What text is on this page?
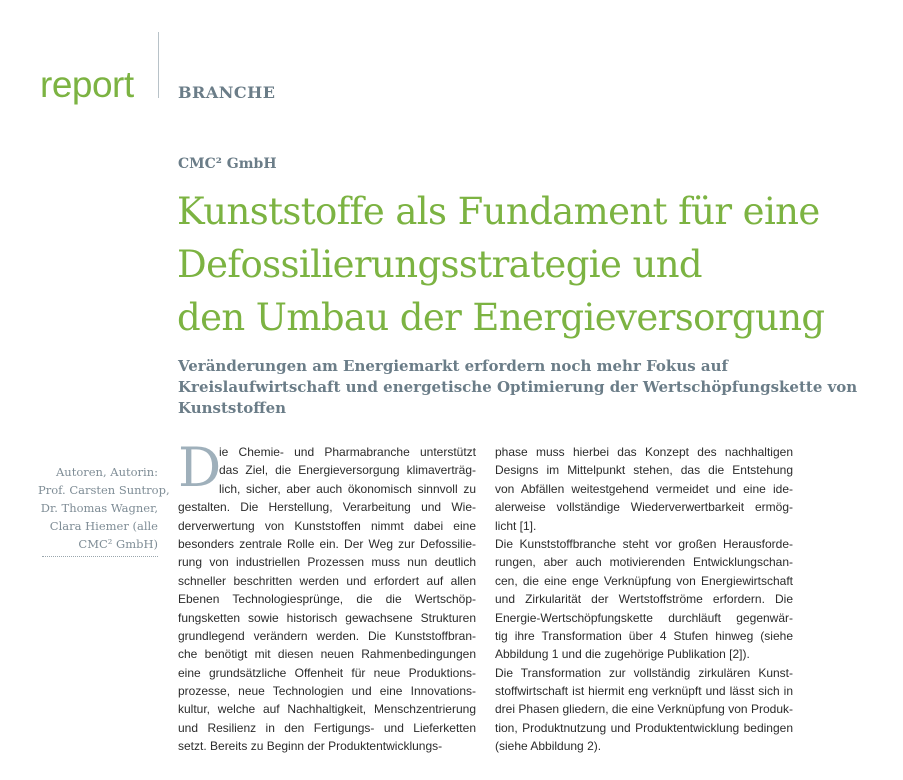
report	BRANCHE
CMC² GmbH
Kunststoffe als Fundament für eine
Defossilierungsstrategie und
den Umbau der Energieversorgung
Veränderungen am Energiemarkt erfordern noch mehr Fokus auf
Kreislaufwirtschaft und energetische Optimierung der Wertschöpfungskette von
Kunststoffen
Autoren, Autorin:
Prof. Carsten Suntrop,
Dr. Thomas Wagner,
Clara Hiemer (alle
CMC² GmbH)
D
ie Chemie- und Pharmabranche unterstützt
das Ziel, die Energieversorgung klimaverträg-
lich, sicher, aber auch ökonomisch sinnvoll zu
gestalten. Die Herstellung, Verarbeitung und Wie-
derverwertung von Kunststoffen nimmt dabei eine
besonders zentrale Rolle ein. Der Weg zur Defossilie-
rung von industriellen Prozessen muss nun deutlich
schneller beschritten werden und erfordert auf allen
Ebenen Technologiesprünge, die die Wertschöp-
fungsketten sowie historisch gewachsene Strukturen
grundlegend verändern werden. Die Kunststoffbran-
che benötigt mit diesen neuen Rahmenbedingungen
eine grundsätzliche Offenheit für neue Produktions-
prozesse, neue Technologien und eine Innovations-
kultur, welche auf Nachhaltigkeit, Menschzentrierung
und Resilienz in den Fertigungs- und Lieferketten
setzt. Bereits zu Beginn der Produktentwicklungs-
phase muss hierbei das Konzept des nachhaltigen
Designs im Mittelpunkt stehen, das die Entstehung
von Abfällen weitestgehend vermeidet und eine ide-
alerweise vollständige Wiederverwertbarkeit ermög-
licht [1].
Die Kunststoffbranche steht vor großen Herausforde-
rungen, aber auch motivierenden Entwicklungschan-
cen, die eine enge Verknüpfung von Energiewirtschaft
und Zirkularität der Wertstoffströme erfordern. Die
Energie-Wertschöpfungskette durchläuft gegenwär-
tig ihre Transformation über 4 Stufen hinweg (siehe
Abbildung 1 und die zugehörige Publikation [2]).
Die Transformation zur vollständig zirkulären Kunst-
stoffwirtschaft ist hiermit eng verknüpft und lässt sich in
drei Phasen gliedern, die eine Verknüpfung von Produk-
tion, Produktnutzung und Produktentwicklung bedingen
(siehe Abbildung 2).
